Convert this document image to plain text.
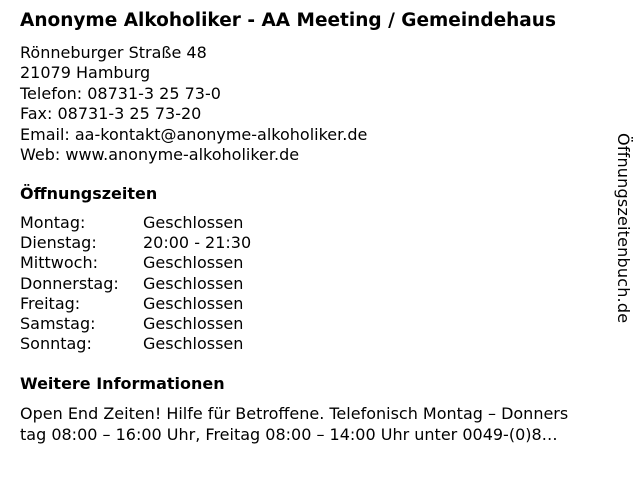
Anonyme Alkoholiker - AA Meeting / Gemeindehaus
Rönneburger Straße 48
21079 Hamburg
Telefon: 08731-3 25 73-0
Fax: 08731-3 25 73-20
Email: aa-kontakt@anonyme-alkoholiker.de
Web: www.anonyme-alkoholiker.de
Öffnungszeiten
Montag:	Geschlossen
Dienstag:	20:00 - 21:30
Mittwoch:	Geschlossen
Donnerstag:	Geschlossen
Freitag:	Geschlossen
Samstag:	Geschlossen
Sonntag:	Geschlossen
Weitere Informationen
Open End Zeiten! Hilfe für Betroffene. Telefonisch Montag – Donners
tag 08:00 – 16:00 Uhr, Freitag 08:00 – 14:00 Uhr unter 0049-(0)8…
Öffnungszeitenbuch.de
